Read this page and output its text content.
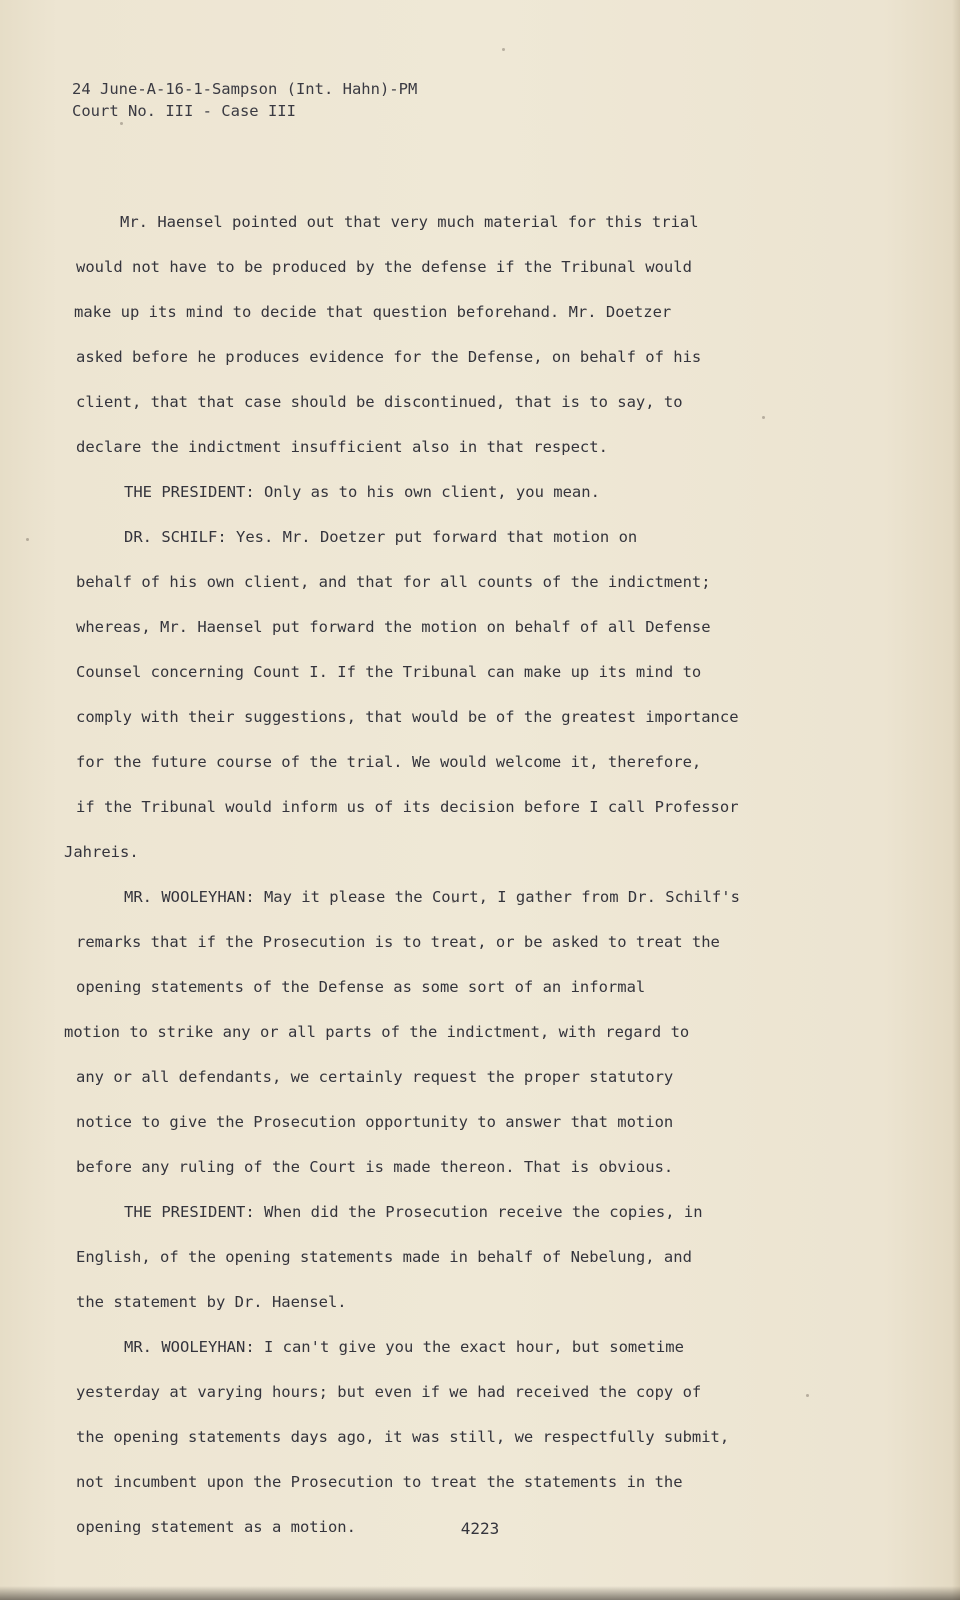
24 June-A-16-1-Sampson (Int. Hahn)-PM
Court No. III - Case III
Mr. Haensel pointed out that very much material for this trial
would not have to be produced by the defense if the Tribunal would
make up its mind to decide that question beforehand. Mr. Doetzer
asked before he produces evidence for the Defense, on behalf of his
client, that that case should be discontinued, that is to say, to
declare the indictment insufficient also in that respect.
THE PRESIDENT: Only as to his own client, you mean.
DR. SCHILF: Yes. Mr. Doetzer put forward that motion on
behalf of his own client, and that for all counts of the indictment;
whereas, Mr. Haensel put forward the motion on behalf of all Defense
Counsel concerning Count I. If the Tribunal can make up its mind to
comply with their suggestions, that would be of the greatest importance
for the future course of the trial. We would welcome it, therefore,
if the Tribunal would inform us of its decision before I call Professor
Jahreis.
MR. WOOLEYHAN: May it please the Court, I gather from Dr. Schilf's
remarks that if the Prosecution is to treat, or be asked to treat the
opening statements of the Defense as some sort of an informal
motion to strike any or all parts of the indictment, with regard to
any or all defendants, we certainly request the proper statutory
notice to give the Prosecution opportunity to answer that motion
before any ruling of the Court is made thereon. That is obvious.
THE PRESIDENT: When did the Prosecution receive the copies, in
English, of the opening statements made in behalf of Nebelung, and
the statement by Dr. Haensel.
MR. WOOLEYHAN: I can't give you the exact hour, but sometime
yesterday at varying hours; but even if we had received the copy of
the opening statements days ago, it was still, we respectfully submit,
not incumbent upon the Prosecution to treat the statements in the
opening statement as a motion.	4223
